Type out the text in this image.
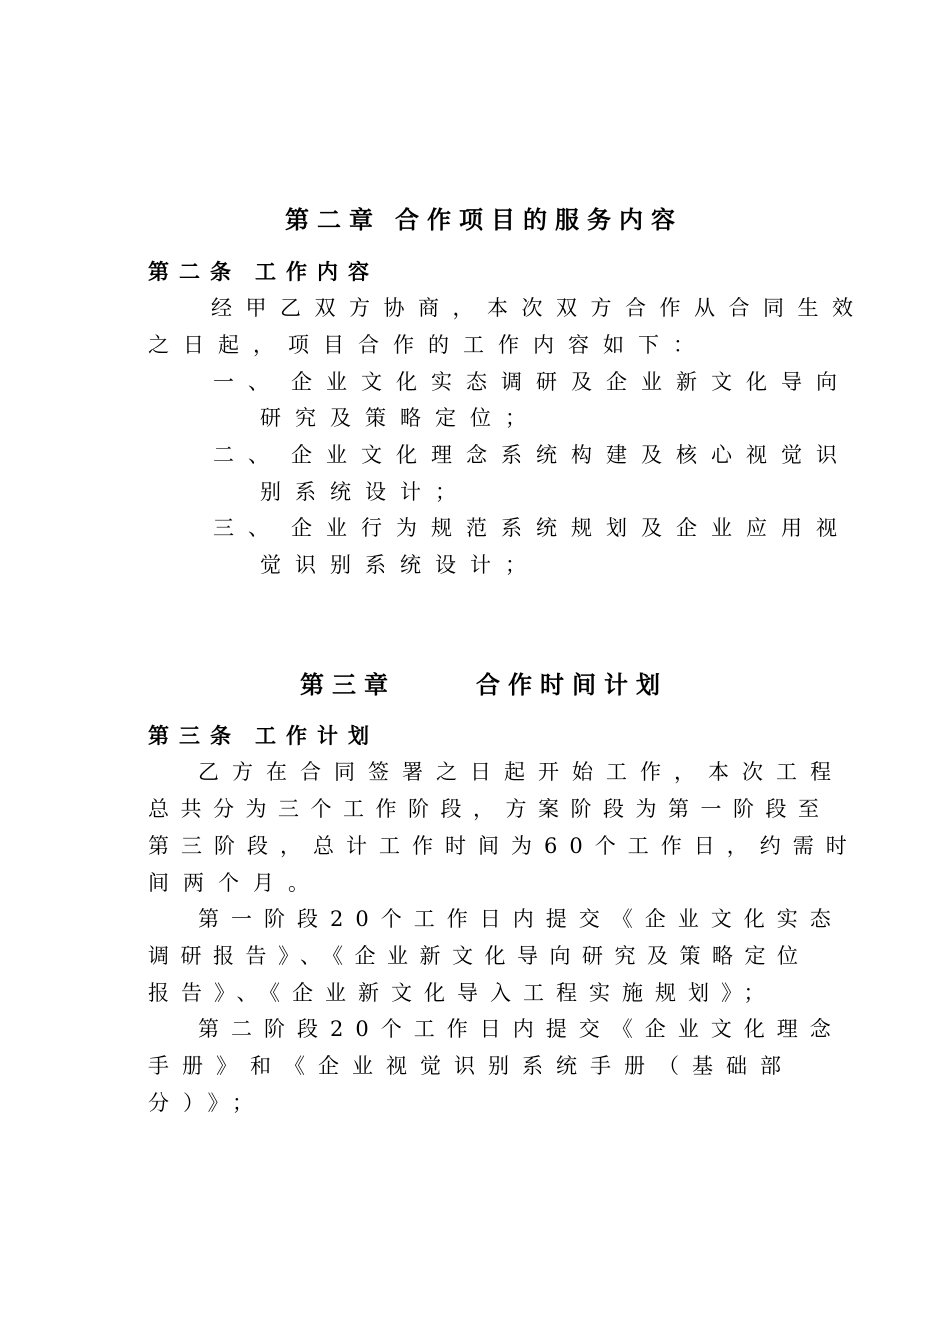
第二章 合作项目的服务内容
第二条 工作内容
经甲乙双方协商，本次双方合作从合同生效
之日起，项目合作的工作内容如下：
一、 企业文化实态调研及企业新文化导向
研究及策略定位；
二、 企业文化理念系统构建及核心视觉识
别系统设计；
三、 企业行为规范系统规划及企业应用视
觉识别系统设计；
第三章	合作时间计划
第三条 工作计划
乙方在合同签署之日起开始工作，本次工程
总共分为三个工作阶段，方案阶段为第一阶段至
第三阶段，总计工作时间为60个工作日，约需时
间两个月。
第一阶段20个工作日内提交《企业文化实态
调研报告》、《企业新文化导向研究及策略定位
报告》、《企业新文化导入工程实施规划》；
第二阶段20个工作日内提交《企业文化理念
手册》和《企业视觉识别系统手册（基础部
分）》；
